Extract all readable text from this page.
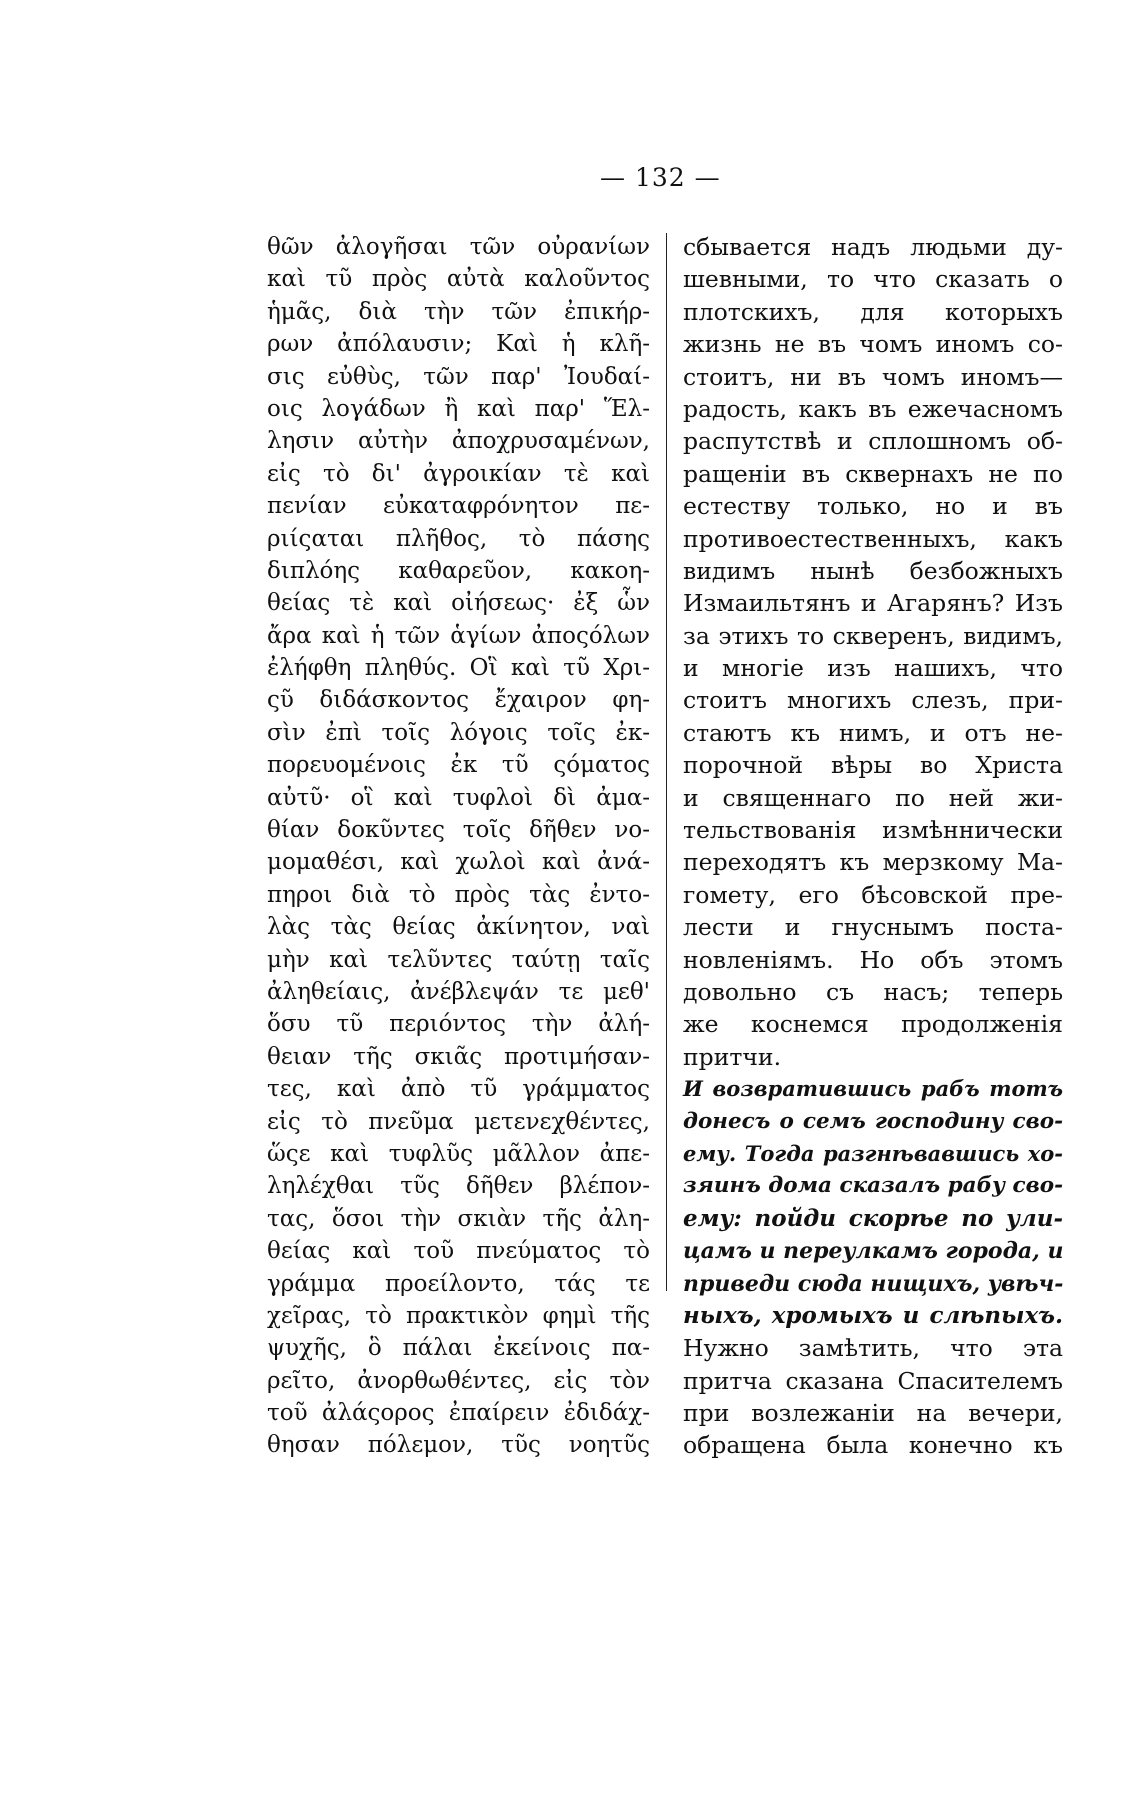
— 132 —
θῶν ἀλογῆσαι τῶν οὐρανίων
καὶ τῦ πρὸς αὐτὰ καλοῦντος
ἡμᾶς, διὰ τὴν τῶν ἐπικήρ-
ρων ἀπόλαυσιν; Καὶ ἡ κλῆ-
σις εὐθὺς, τῶν παρ' Ἰουδαί-
οις λογάδων ἢ καὶ παρ' Ἕλ-
λησιν αὐτὴν ἀποχρυσαμένων,
εἰς τὸ δι' ἀγροικίαν τὲ καὶ
πενίαν εὐκαταφρόνητον πε-
ριίςαται πλῆθος, τὸ πάσης
διπλόης καθαρεῦον, κακοη-
θείας τὲ καὶ οἰήσεως· ἐξ ὧν
ἄρα καὶ ἡ τῶν ἁγίων ἀποςόλων
ἐλήφθη πληθύς. Οἳ καὶ τῦ Χρι-
ςῦ διδάσκοντος ἔχαιρον φη-
σὶν ἐπὶ τοῖς λόγοις τοῖς ἐκ-
πορευομένοις ἐκ τῦ ςόματος
αὐτῦ· οἳ καὶ τυφλοὶ δὶ ἀμα-
θίαν δοκῦντες τοῖς δῆθεν νο-
μομαθέσι, καὶ χωλοὶ καὶ ἀνά-
πηροι διὰ τὸ πρὸς τὰς ἐντο-
λὰς τὰς θείας ἀκίνητον, ναὶ
μὴν καὶ τελῦντες ταύτῃ ταῖς
ἀληθείαις, ἀνέβλεψάν τε μεθ'
ὅσυ τῦ περιόντος τὴν ἀλή-
θειαν τῆς σκιᾶς προτιμήσαν-
τες, καὶ ἀπὸ τῦ γράμματος
εἰς τὸ πνεῦμα μετενεχθέντες,
ὥςε καὶ τυφλῦς μᾶλλον ἀπε-
ληλέχθαι τῦς δῆθεν βλέπον-
τας, ὅσοι τὴν σκιὰν τῆς ἀλη-
θείας καὶ τοῦ πνεύματος τὸ
γράμμα προείλοντο, τάς τε
χεῖρας, τὸ πρακτικὸν φημὶ τῆς
ψυχῆς, ὃ πάλαι ἐκείνοις πα-
ρεῖτο, ἀνορθωθέντες, εἰς τὸν
τοῦ ἀλάςορος ἐπαίρειν ἐδιδάχ-
θησαν πόλεμον, τῦς νοητῦς
сбывается надъ людьми ду-
шевными, то что сказать о
плотскихъ, для которыхъ
жизнь не въ чомъ иномъ со-
стоитъ, ни въ чомъ иномъ—
радость, какъ въ ежечасномъ
распутствѣ и сплошномъ об-
ращеніи въ сквернахъ не по
естеству только, но и въ
противоестественныхъ, какъ
видимъ нынѣ безбожныхъ
Измаильтянъ и Агарянъ? Изъ
за этихъ то скверенъ, видимъ,
и многіе изъ нашихъ, что
стоитъ многихъ слезъ, при-
стаютъ къ нимъ, и отъ не-
порочной вѣры во Христа
и священнаго по ней жи-
тельствованія измѣннически
переходятъ къ мерзкому Ма-
гомету, его бѣсовской пре-
лести и гнуснымъ поста-
новленіямъ. Но объ этомъ
довольно съ насъ; теперь
же коснемся продолженія
притчи.
И возвратившись рабъ тотъ
донесъ о семъ господину сво-
ему. Тогда разгнѣвавшись хо-
зяинъ дома сказалъ рабу сво-
ему: пойди скорѣе по ули-
цамъ и переулкамъ города, и
приведи сюда нищихъ, увѣч-
ныхъ, хромыхъ и слѣпыхъ.
Нужно замѣтить, что эта
притча сказана Спасителемъ
при возлежаніи на вечери,
обращена была конечно къ
